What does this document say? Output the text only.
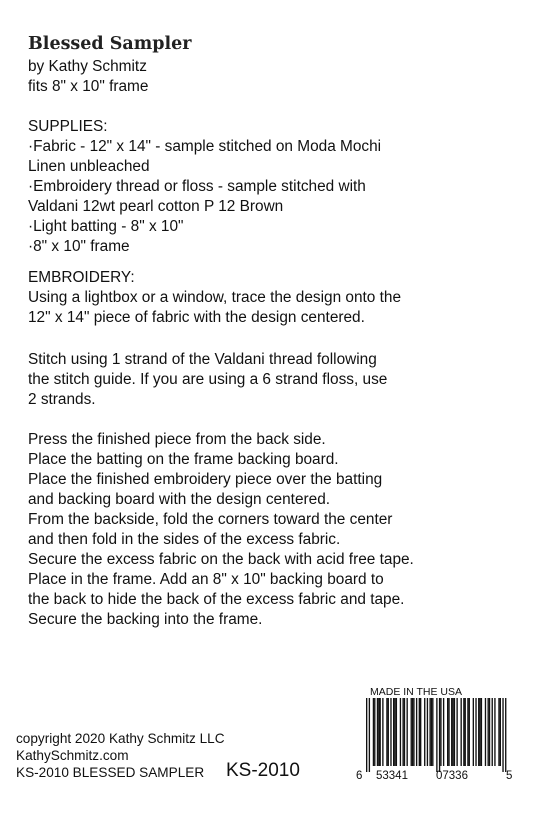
Blessed Sampler
by Kathy Schmitz
fits 8" x 10" frame
SUPPLIES:
·Fabric - 12" x 14" - sample stitched on Moda Mochi
Linen unbleached
·Embroidery thread or floss - sample stitched with
Valdani 12wt pearl cotton P 12 Brown
·Light batting - 8" x 10"
·8" x 10" frame
EMBROIDERY:
Using a lightbox or a window, trace the design onto the
12" x 14" piece of fabric with the design centered.
Stitch using 1 strand of the Valdani thread following
the stitch guide. If you are using a 6 strand floss, use
2 strands.
Press the finished piece from the back side.
Place the batting on the frame backing board.
Place the finished embroidery piece over the batting
and backing board with the design centered.
From the backside, fold the corners toward the center
and then fold in the sides of the excess fabric.
Secure the excess fabric on the back with acid free tape.
Place in the frame. Add an 8" x 10" backing board to
the back to hide the back of the excess fabric and tape.
Secure the backing into the frame.
copyright 2020 Kathy Schmitz LLC
KathySchmitz.com
KS-2010 BLESSED SAMPLER KS-2010
MADE IN THE USA
6 53341 07336	5
